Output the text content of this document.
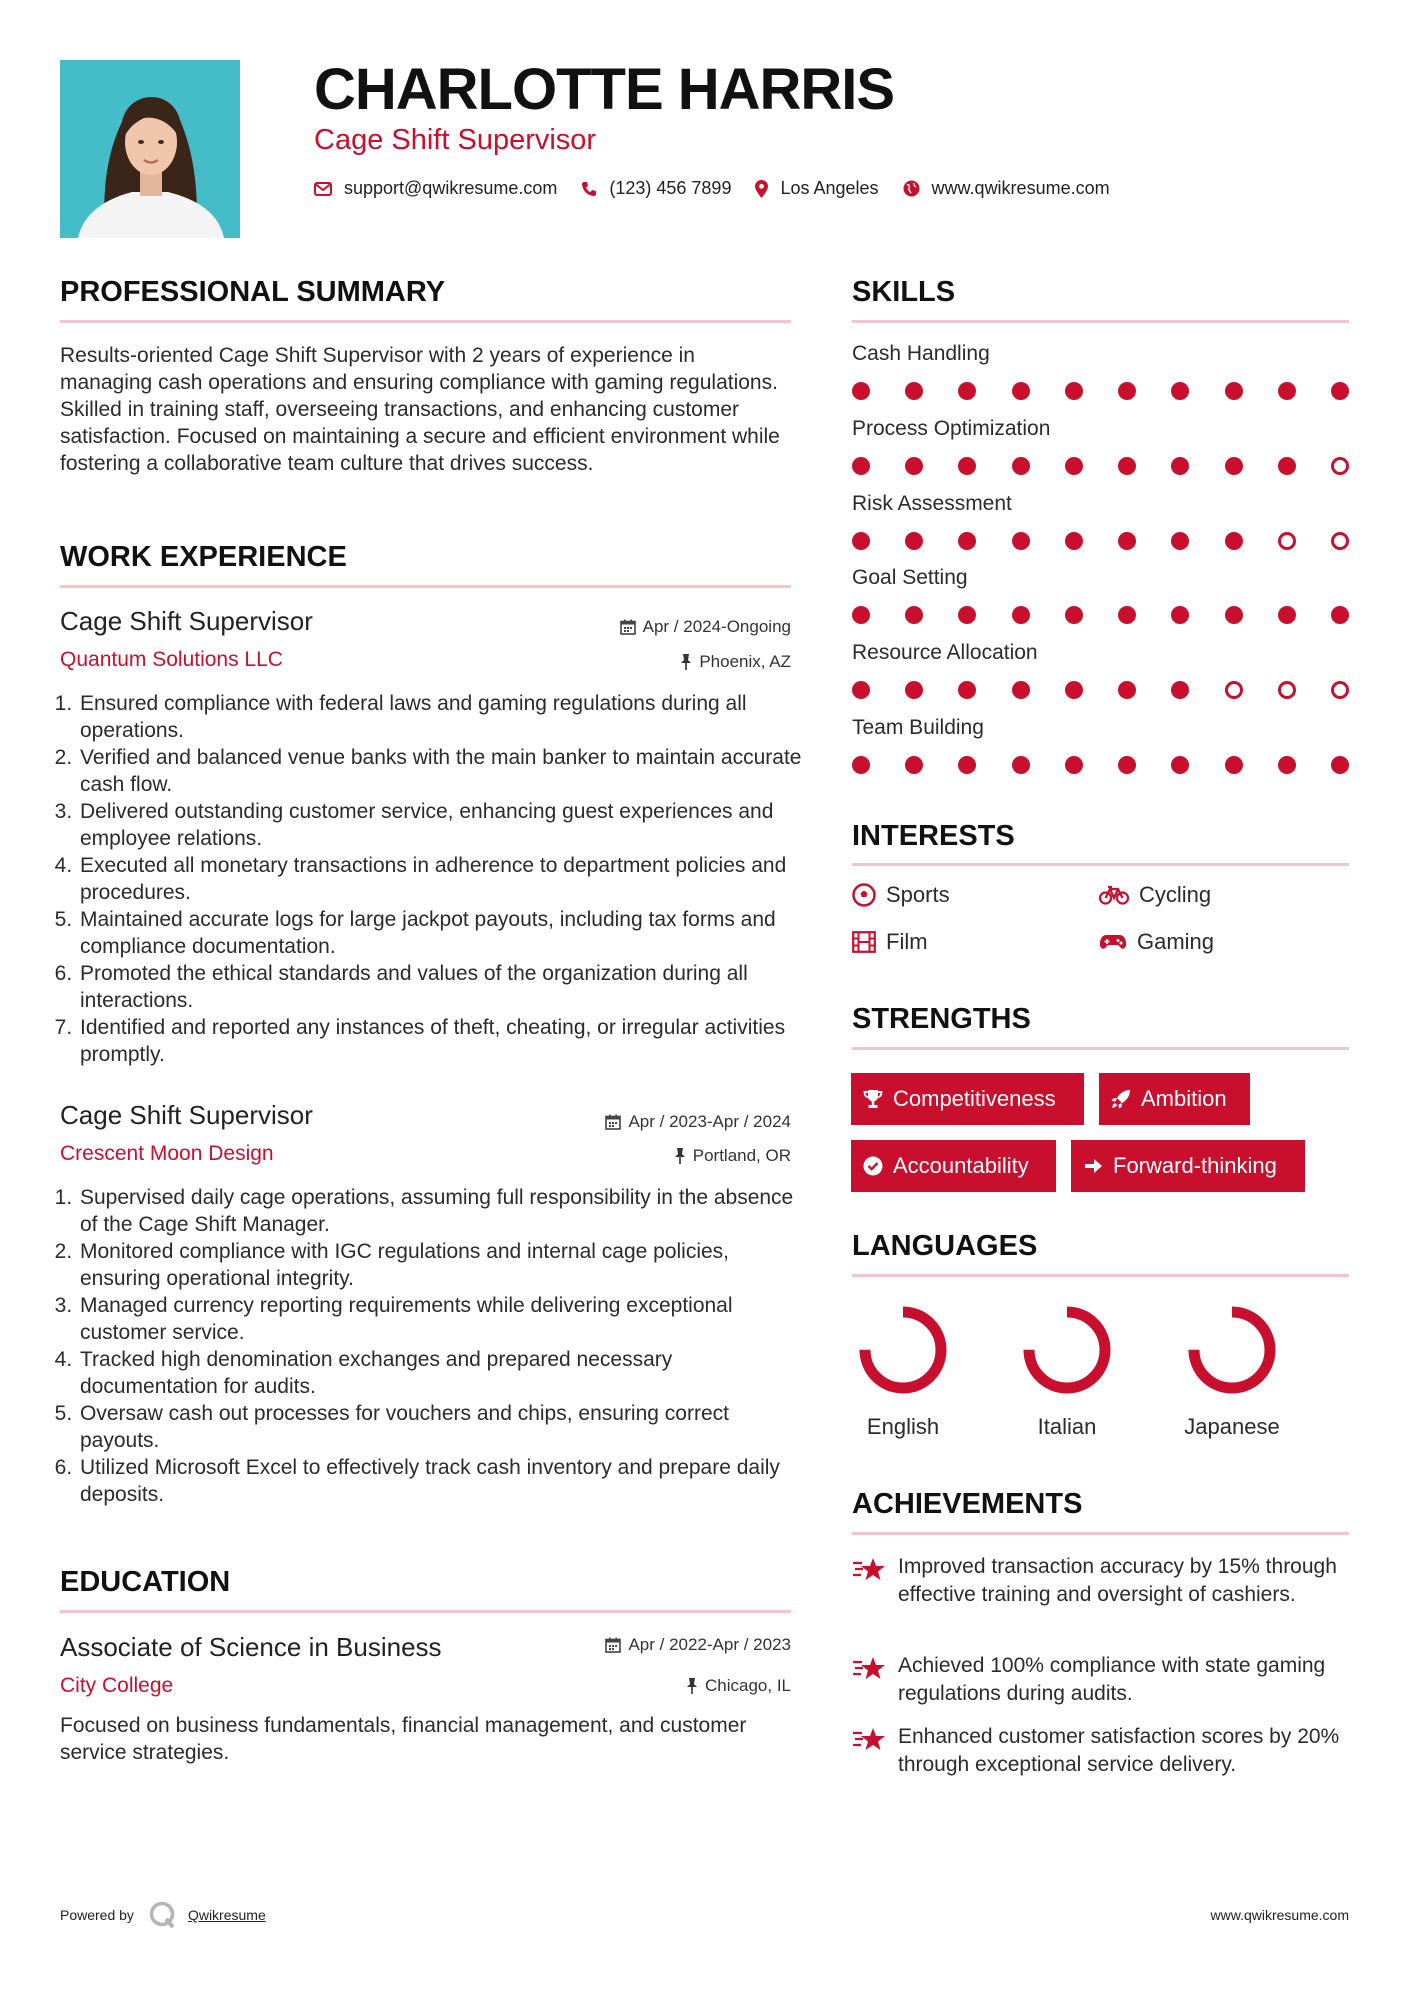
CHARLOTTE HARRIS
Cage Shift Supervisor
support@qwikresume.com	(123) 456 7899	Los Angeles	www.qwikresume.com
PROFESSIONAL SUMMARY
Results-oriented Cage Shift Supervisor with 2 years of experience in managing cash operations and ensuring compliance with gaming regulations. Skilled in training staff, overseeing transactions, and enhancing customer satisfaction. Focused on maintaining a secure and efficient environment while fostering a collaborative team culture that drives success.
WORK EXPERIENCE
Cage Shift Supervisor
Quantum Solutions LLC
Apr / 2024-Ongoing
Phoenix, AZ
1. Ensured compliance with federal laws and gaming regulations during all operations.
2. Verified and balanced venue banks with the main banker to maintain accurate cash flow.
3. Delivered outstanding customer service, enhancing guest experiences and employee relations.
4. Executed all monetary transactions in adherence to department policies and procedures.
5. Maintained accurate logs for large jackpot payouts, including tax forms and compliance documentation.
6. Promoted the ethical standards and values of the organization during all interactions.
7. Identified and reported any instances of theft, cheating, or irregular activities promptly.
Cage Shift Supervisor
Crescent Moon Design
Apr / 2023-Apr / 2024
Portland, OR
1. Supervised daily cage operations, assuming full responsibility in the absence of the Cage Shift Manager.
2. Monitored compliance with IGC regulations and internal cage policies, ensuring operational integrity.
3. Managed currency reporting requirements while delivering exceptional customer service.
4. Tracked high denomination exchanges and prepared necessary documentation for audits.
5. Oversaw cash out processes for vouchers and chips, ensuring correct payouts.
6. Utilized Microsoft Excel to effectively track cash inventory and prepare daily deposits.
EDUCATION
Associate of Science in Business
City College
Apr / 2022-Apr / 2023
Chicago, IL
Focused on business fundamentals, financial management, and customer service strategies.
SKILLS
Cash Handling
Process Optimization
Risk Assessment
Goal Setting
Resource Allocation
Team Building
INTERESTS
Sports	Cycling
Film	Gaming
STRENGTHS
Competitiveness	Ambition
Accountability	Forward-thinking
LANGUAGES
English	Italian	Japanese
ACHIEVEMENTS
Improved transaction accuracy by 15% through effective training and oversight of cashiers.
Achieved 100% compliance with state gaming regulations during audits.
Enhanced customer satisfaction scores by 20% through exceptional service delivery.
Powered by	Qwikresume	www.qwikresume.com
